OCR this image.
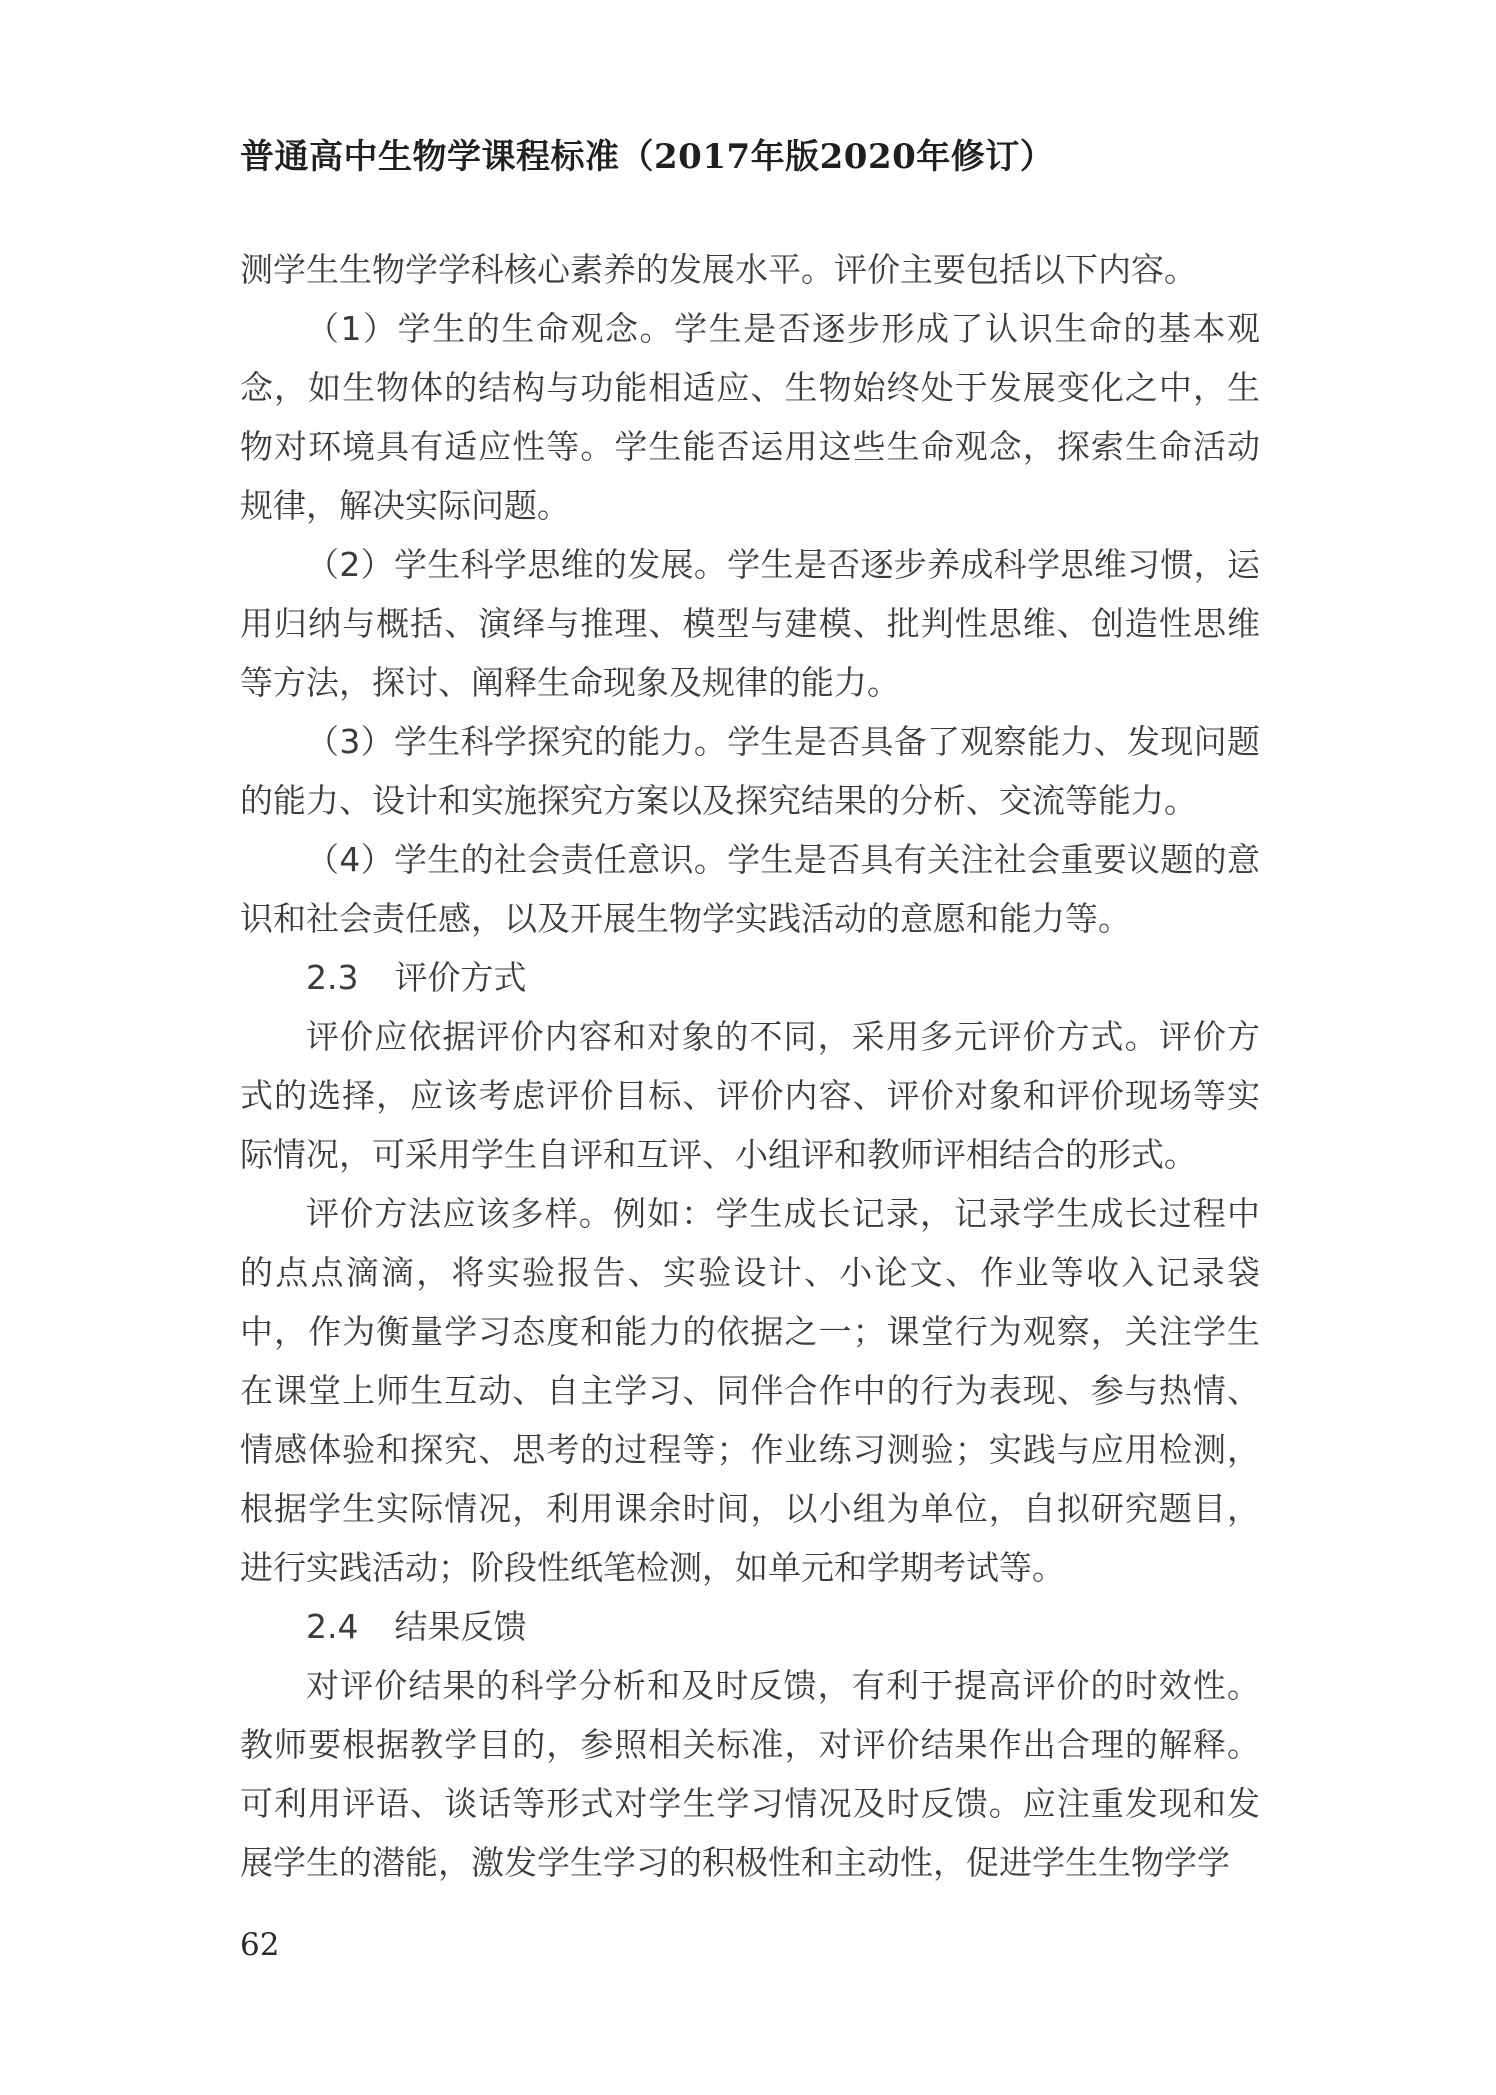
普通高中生物学课程标准（2017年版2020年修订）

测学生生物学学科核心素养的发展水平。评价主要包括以下内容。

（1）学生的生命观念。学生是否逐步形成了认识生命的基本观念，如生物体的结构与功能相适应、生物始终处于发展变化之中，生物对环境具有适应性等。学生能否运用这些生命观念，探索生命活动规律，解决实际问题。

（2）学生科学思维的发展。学生是否逐步养成科学思维习惯，运用归纳与概括、演绎与推理、模型与建模、批判性思维、创造性思维等方法，探讨、阐释生命现象及规律的能力。

（3）学生科学探究的能力。学生是否具备了观察能力、发现问题的能力、设计和实施探究方案以及探究结果的分析、交流等能力。

（4）学生的社会责任意识。学生是否具有关注社会重要议题的意识和社会责任感，以及开展生物学实践活动的意愿和能力等。

2.3 评价方式

评价应依据评价内容和对象的不同，采用多元评价方式。评价方式的选择，应该考虑评价目标、评价内容、评价对象和评价现场等实际情况，可采用学生自评和互评、小组评和教师评相结合的形式。

评价方法应该多样。例如：学生成长记录，记录学生成长过程中的点点滴滴，将实验报告、实验设计、小论文、作业等收入记录袋中，作为衡量学习态度和能力的依据之一；课堂行为观察，关注学生在课堂上师生互动、自主学习、同伴合作中的行为表现、参与热情、情感体验和探究、思考的过程等；作业练习测验；实践与应用检测，根据学生实际情况，利用课余时间，以小组为单位，自拟研究题目，进行实践活动；阶段性纸笔检测，如单元和学期考试等。

2.4 结果反馈

对评价结果的科学分析和及时反馈，有利于提高评价的时效性。教师要根据教学目的，参照相关标准，对评价结果作出合理的解释。可利用评语、谈话等形式对学生学习情况及时反馈。应注重发现和发展学生的潜能，激发学生学习的积极性和主动性，促进学生生物学学

62
